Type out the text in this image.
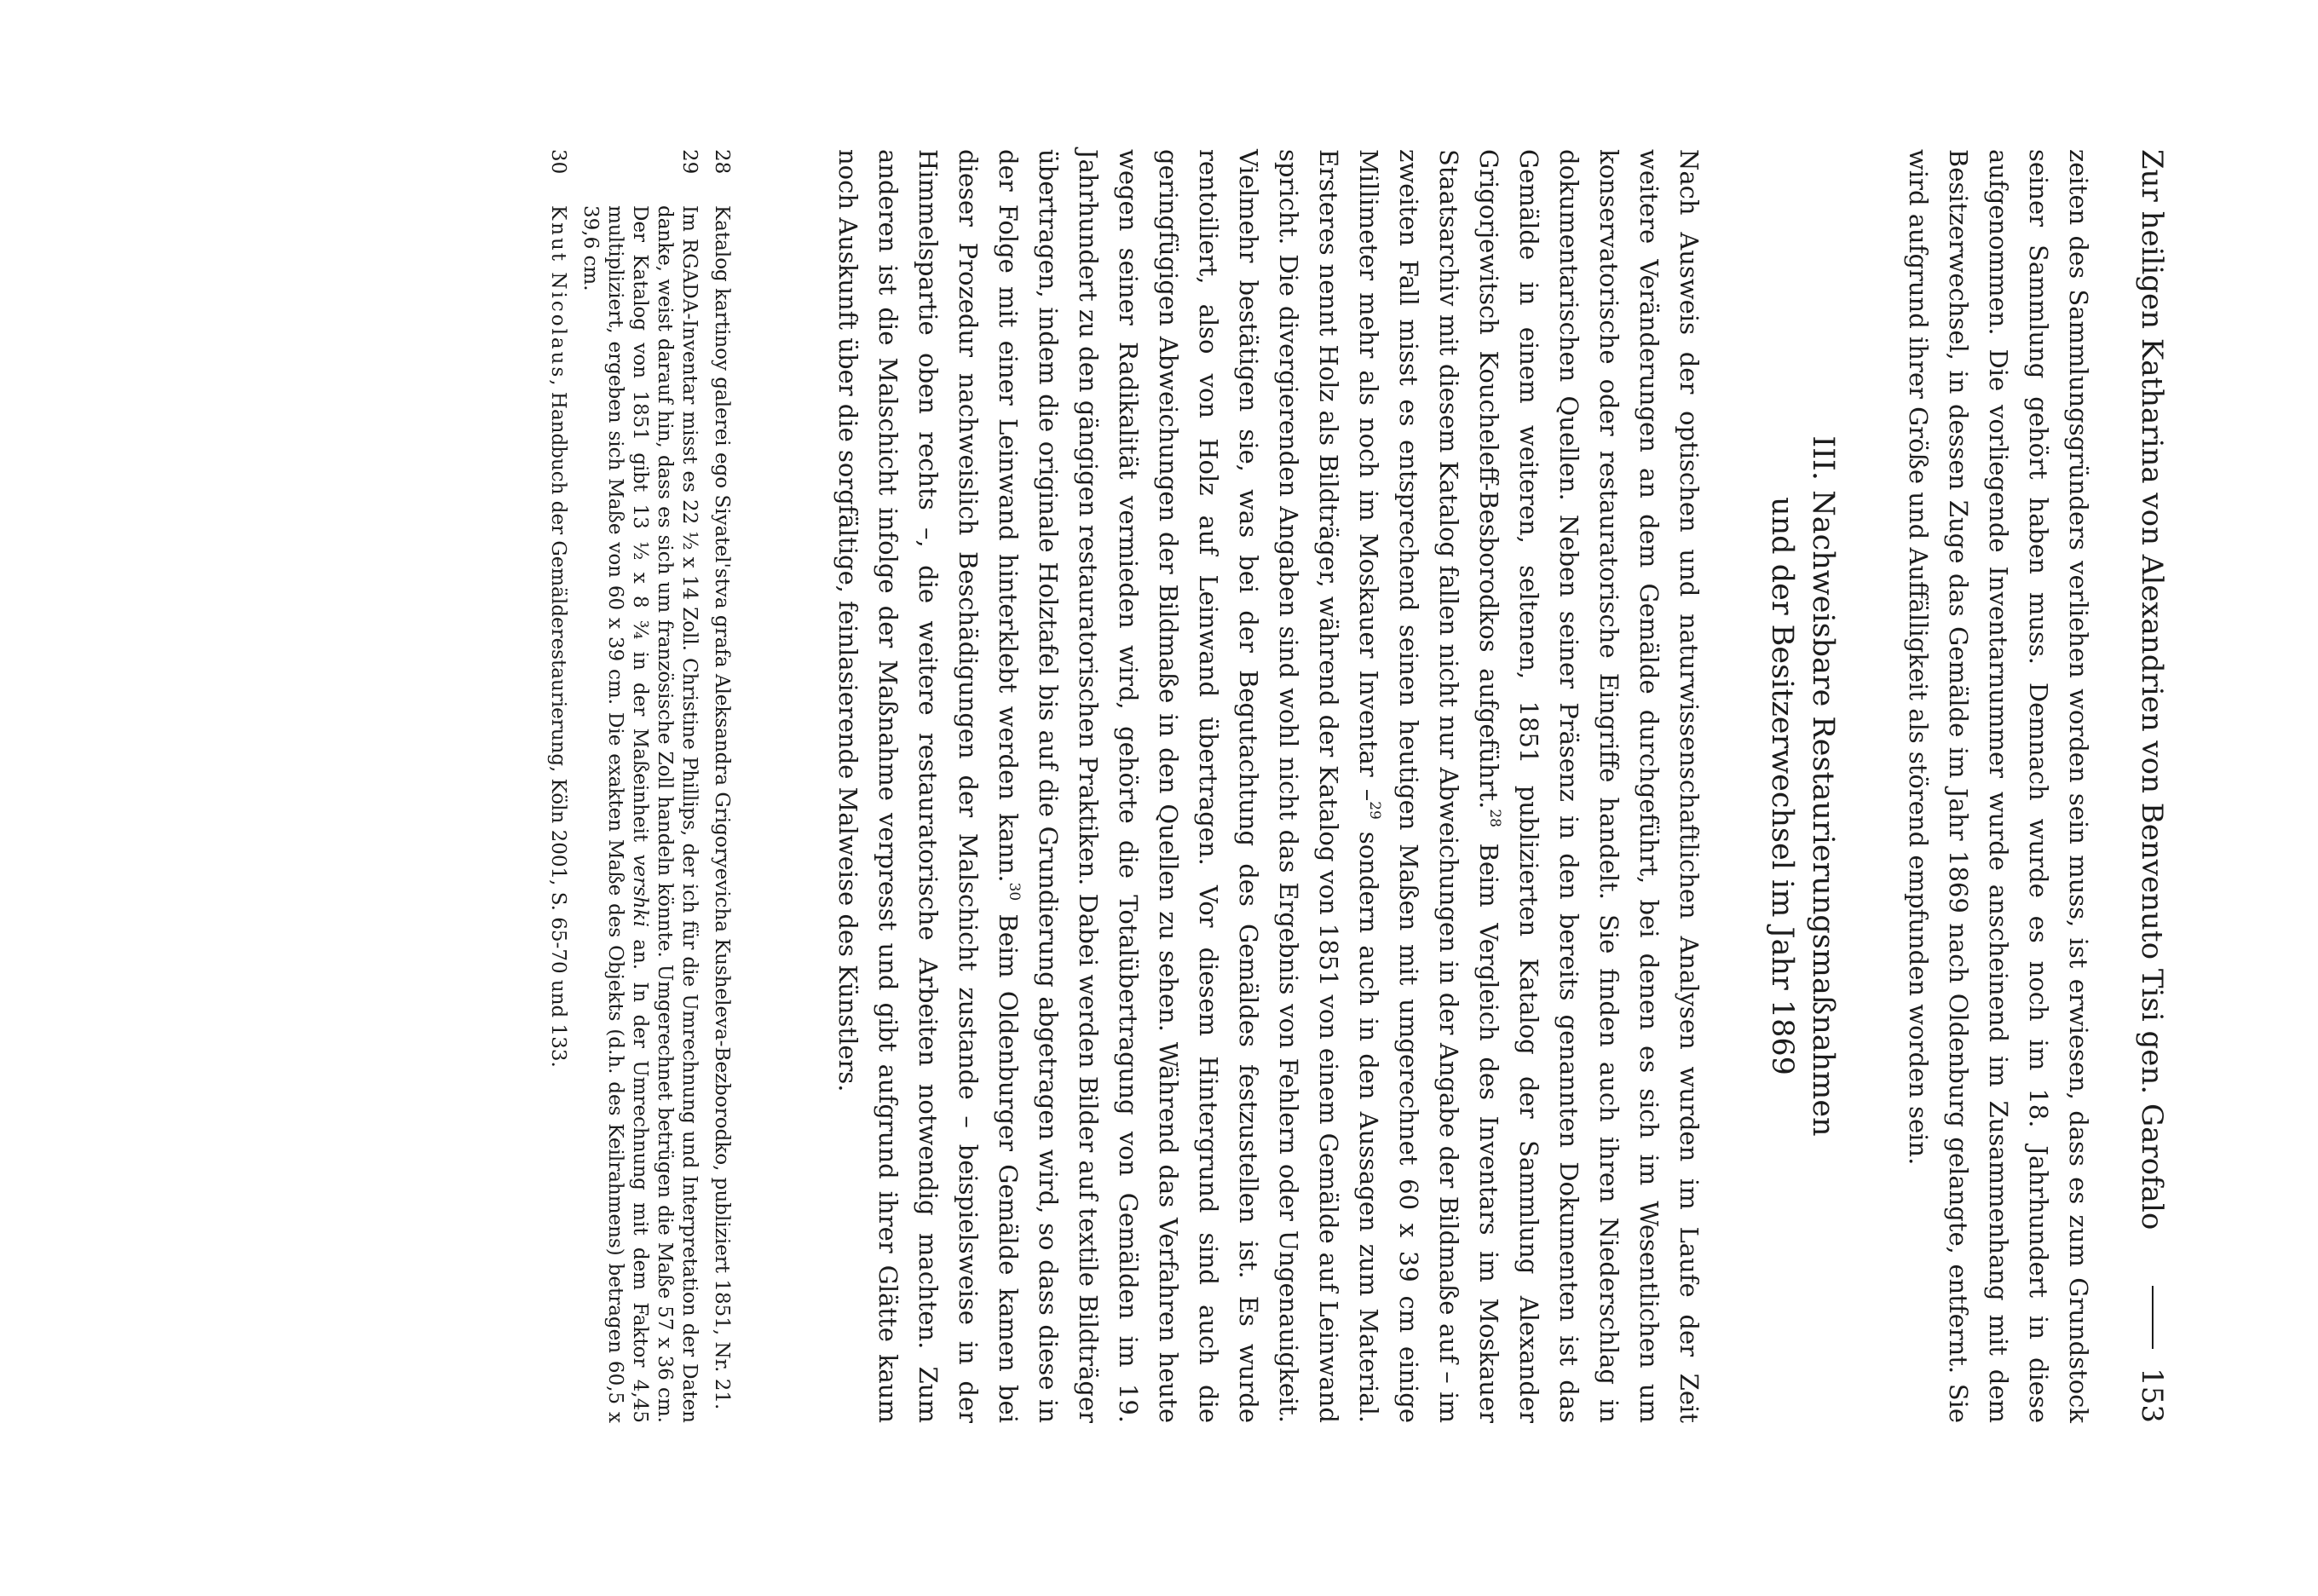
Zur heiligen Katharina von Alexandrien von Benvenuto Tisi gen. Garofalo
153

zeiten des Sammlungsgründers verliehen worden sein muss, ist erwiesen, dass es zum Grundstock seiner Sammlung gehört haben muss. Demnach wurde es noch im 18. Jahrhundert in diese aufgenommen. Die vorliegende Inventarnummer wurde anscheinend im Zusammenhang mit dem Besitzerwechsel, in dessen Zuge das Gemälde im Jahr 1869 nach Oldenburg gelangte, entfernt. Sie wird aufgrund ihrer Größe und Auffälligkeit als störend empfunden worden sein.

III. Nachweisbare Restaurierungsmaßnahmen
und der Besitzerwechsel im Jahr 1869

Nach Ausweis der optischen und naturwissenschaftlichen Analysen wurden im Laufe der Zeit weitere Veränderungen an dem Gemälde durchgeführt, bei denen es sich im Wesentlichen um konservatorische oder restauratorische Eingriffe handelt. Sie finden auch ihren Niederschlag in dokumentarischen Quellen. Neben seiner Präsenz in den bereits genannten Dokumenten ist das Gemälde in einem weiteren, seltenen, 1851 publizierten Katalog der Sammlung Alexander Grigorjewitsch Koucheleff-Besborodkos aufgeführt.$^{28}$ Beim Vergleich des Inventars im Moskauer Staatsarchiv mit diesem Katalog fallen nicht nur Abweichungen in der Angabe der Bildmaße auf – im zweiten Fall misst es entsprechend seinen heutigen Maßen mit umgerechnet 60 x 39 cm einige Millimeter mehr als noch im Moskauer Inventar –$^{29}$ sondern auch in den Aussagen zum Material. Ersteres nennt Holz als Bildträger, während der Katalog von 1851 von einem Gemälde auf Leinwand spricht. Die divergierenden Angaben sind wohl nicht das Ergebnis von Fehlern oder Ungenauigkeit. Vielmehr bestätigen sie, was bei der Begutachtung des Gemäldes festzustellen ist. Es wurde rentoiliert, also von Holz auf Leinwand übertragen. Vor diesem Hintergrund sind auch die geringfügigen Abweichungen der Bildmaße in den Quellen zu sehen. Während das Verfahren heute wegen seiner Radikalität vermieden wird, gehörte die Totalübertragung von Gemälden im 19. Jahrhundert zu den gängigen restauratorischen Praktiken. Dabei werden Bilder auf textile Bildträger übertragen, indem die originale Holztafel bis auf die Grundierung abgetragen wird, so dass diese in der Folge mit einer Leinwand hinterklebt werden kann.$^{30}$ Beim Oldenburger Gemälde kamen bei dieser Prozedur nachweislich Beschädigungen der Malschicht zustande – beispielsweise in der Himmelspartie oben rechts –, die weitere restauratorische Arbeiten notwendig machten. Zum anderen ist die Malschicht infolge der Maßnahme verpresst und gibt aufgrund ihrer Glätte kaum noch Auskunft über die sorgfältige, feinlasierende Malweise des Künstlers.

28
Katalog kartinoy galerei ego Siyatel'stva grafa Aleksandra Grigoryevicha Kusheleva-Bezborodko, publiziert 1851, Nr. 21.
29
Im RGADA-Inventar misst es 22 ½ x 14 Zoll. Christine Phillips, der ich für die Umrechnung und Interpretation der Daten danke, weist darauf hin, dass es sich um französische Zoll handeln könnte. Umgerechnet betrügen die Maße 57 x 36 cm. Der Katalog von 1851 gibt 13 ½ x 8 ¾ in der Maßeinheit vershki an. In der Umrechnung mit dem Faktor 4,45 multipliziert, ergeben sich Maße von 60 x 39 cm. Die exakten Maße des Objekts (d.h. des Keilrahmens) betragen 60,5 x 39,6 cm.
30
Knut Nicolaus, Handbuch der Gemälderestaurierung, Köln 2001, S. 65-70 und 133.
